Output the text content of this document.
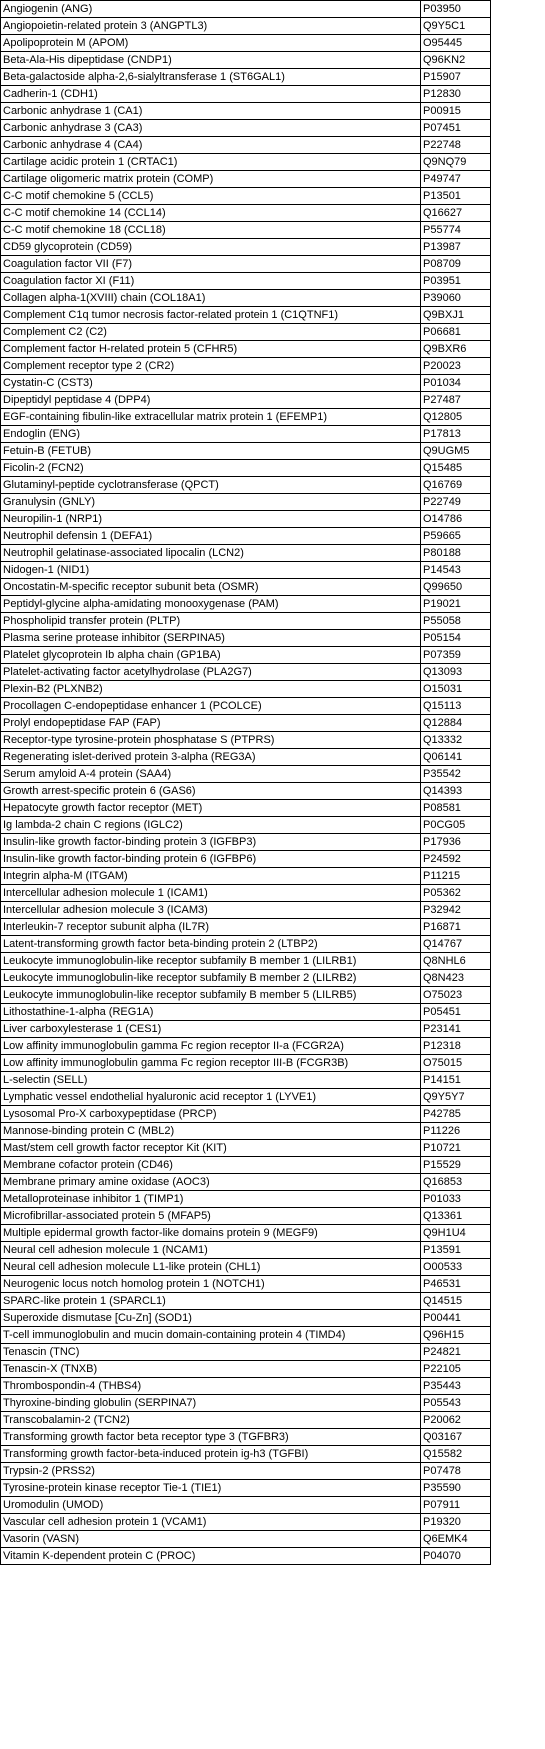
Angiogenin (ANG)	P03950
Angiopoietin-related protein 3 (ANGPTL3)	Q9Y5C1
Apolipoprotein M (APOM)	O95445
Beta-Ala-His dipeptidase (CNDP1)	Q96KN2
Beta-galactoside alpha-2,6-sialyltransferase 1 (ST6GAL1)	P15907
Cadherin-1 (CDH1)	P12830
Carbonic anhydrase 1 (CA1)	P00915
Carbonic anhydrase 3 (CA3)	P07451
Carbonic anhydrase 4 (CA4)	P22748
Cartilage acidic protein 1 (CRTAC1)	Q9NQ79
Cartilage oligomeric matrix protein (COMP)	P49747
C-C motif chemokine 5 (CCL5)	P13501
C-C motif chemokine 14 (CCL14)	Q16627
C-C motif chemokine 18 (CCL18)	P55774
CD59 glycoprotein (CD59)	P13987
Coagulation factor VII (F7)	P08709
Coagulation factor XI (F11)	P03951
Collagen alpha-1(XVIII) chain (COL18A1)	P39060
Complement C1q tumor necrosis factor-related protein 1 (C1QTNF1)	Q9BXJ1
Complement C2 (C2)	P06681
Complement factor H-related protein 5 (CFHR5)	Q9BXR6
Complement receptor type 2 (CR2)	P20023
Cystatin-C (CST3)	P01034
Dipeptidyl peptidase 4 (DPP4)	P27487
EGF-containing fibulin-like extracellular matrix protein 1 (EFEMP1)	Q12805
Endoglin (ENG)	P17813
Fetuin-B (FETUB)	Q9UGM5
Ficolin-2 (FCN2)	Q15485
Glutaminyl-peptide cyclotransferase (QPCT)	Q16769
Granulysin (GNLY)	P22749
Neuropilin-1 (NRP1)	O14786
Neutrophil defensin 1 (DEFA1)	P59665
Neutrophil gelatinase-associated lipocalin (LCN2)	P80188
Nidogen-1 (NID1)	P14543
Oncostatin-M-specific receptor subunit beta (OSMR)	Q99650
Peptidyl-glycine alpha-amidating monooxygenase (PAM)	P19021
Phospholipid transfer protein (PLTP)	P55058
Plasma serine protease inhibitor (SERPINA5)	P05154
Platelet glycoprotein Ib alpha chain (GP1BA)	P07359
Platelet-activating factor acetylhydrolase (PLA2G7)	Q13093
Plexin-B2 (PLXNB2)	O15031
Procollagen C-endopeptidase enhancer 1 (PCOLCE)	Q15113
Prolyl endopeptidase FAP (FAP)	Q12884
Receptor-type tyrosine-protein phosphatase S (PTPRS)	Q13332
Regenerating islet-derived protein 3-alpha (REG3A)	Q06141
Serum amyloid A-4 protein (SAA4)	P35542
Growth arrest-specific protein 6 (GAS6)	Q14393
Hepatocyte growth factor receptor (MET)	P08581
Ig lambda-2 chain C regions (IGLC2)	P0CG05
Insulin-like growth factor-binding protein 3 (IGFBP3)	P17936
Insulin-like growth factor-binding protein 6 (IGFBP6)	P24592
Integrin alpha-M (ITGAM)	P11215
Intercellular adhesion molecule 1 (ICAM1)	P05362
Intercellular adhesion molecule 3 (ICAM3)	P32942
Interleukin-7 receptor subunit alpha (IL7R)	P16871
Latent-transforming growth factor beta-binding protein 2 (LTBP2)	Q14767
Leukocyte immunoglobulin-like receptor subfamily B member 1 (LILRB1)	Q8NHL6
Leukocyte immunoglobulin-like receptor subfamily B member 2 (LILRB2)	Q8N423
Leukocyte immunoglobulin-like receptor subfamily B member 5 (LILRB5)	O75023
Lithostathine-1-alpha (REG1A)	P05451
Liver carboxylesterase 1 (CES1)	P23141
Low affinity immunoglobulin gamma Fc region receptor II-a (FCGR2A)	P12318
Low affinity immunoglobulin gamma Fc region receptor III-B (FCGR3B)	O75015
L-selectin (SELL)	P14151
Lymphatic vessel endothelial hyaluronic acid receptor 1 (LYVE1)	Q9Y5Y7
Lysosomal Pro-X carboxypeptidase (PRCP)	P42785
Mannose-binding protein C (MBL2)	P11226
Mast/stem cell growth factor receptor Kit (KIT)	P10721
Membrane cofactor protein (CD46)	P15529
Membrane primary amine oxidase (AOC3)	Q16853
Metalloproteinase inhibitor 1 (TIMP1)	P01033
Microfibrillar-associated protein 5 (MFAP5)	Q13361
Multiple epidermal growth factor-like domains protein 9 (MEGF9)	Q9H1U4
Neural cell adhesion molecule 1 (NCAM1)	P13591
Neural cell adhesion molecule L1-like protein (CHL1)	O00533
Neurogenic locus notch homolog protein 1 (NOTCH1)	P46531
SPARC-like protein 1 (SPARCL1)	Q14515
Superoxide dismutase [Cu-Zn] (SOD1)	P00441
T-cell immunoglobulin and mucin domain-containing protein 4 (TIMD4)	Q96H15
Tenascin (TNC)	P24821
Tenascin-X (TNXB)	P22105
Thrombospondin-4 (THBS4)	P35443
Thyroxine-binding globulin (SERPINA7)	P05543
Transcobalamin-2 (TCN2)	P20062
Transforming growth factor beta receptor type 3 (TGFBR3)	Q03167
Transforming growth factor-beta-induced protein ig-h3 (TGFBI)	Q15582
Trypsin-2 (PRSS2)	P07478
Tyrosine-protein kinase receptor Tie-1 (TIE1)	P35590
Uromodulin (UMOD)	P07911
Vascular cell adhesion protein 1 (VCAM1)	P19320
Vasorin (VASN)	Q6EMK4
Vitamin K-dependent protein C (PROC)	P04070
